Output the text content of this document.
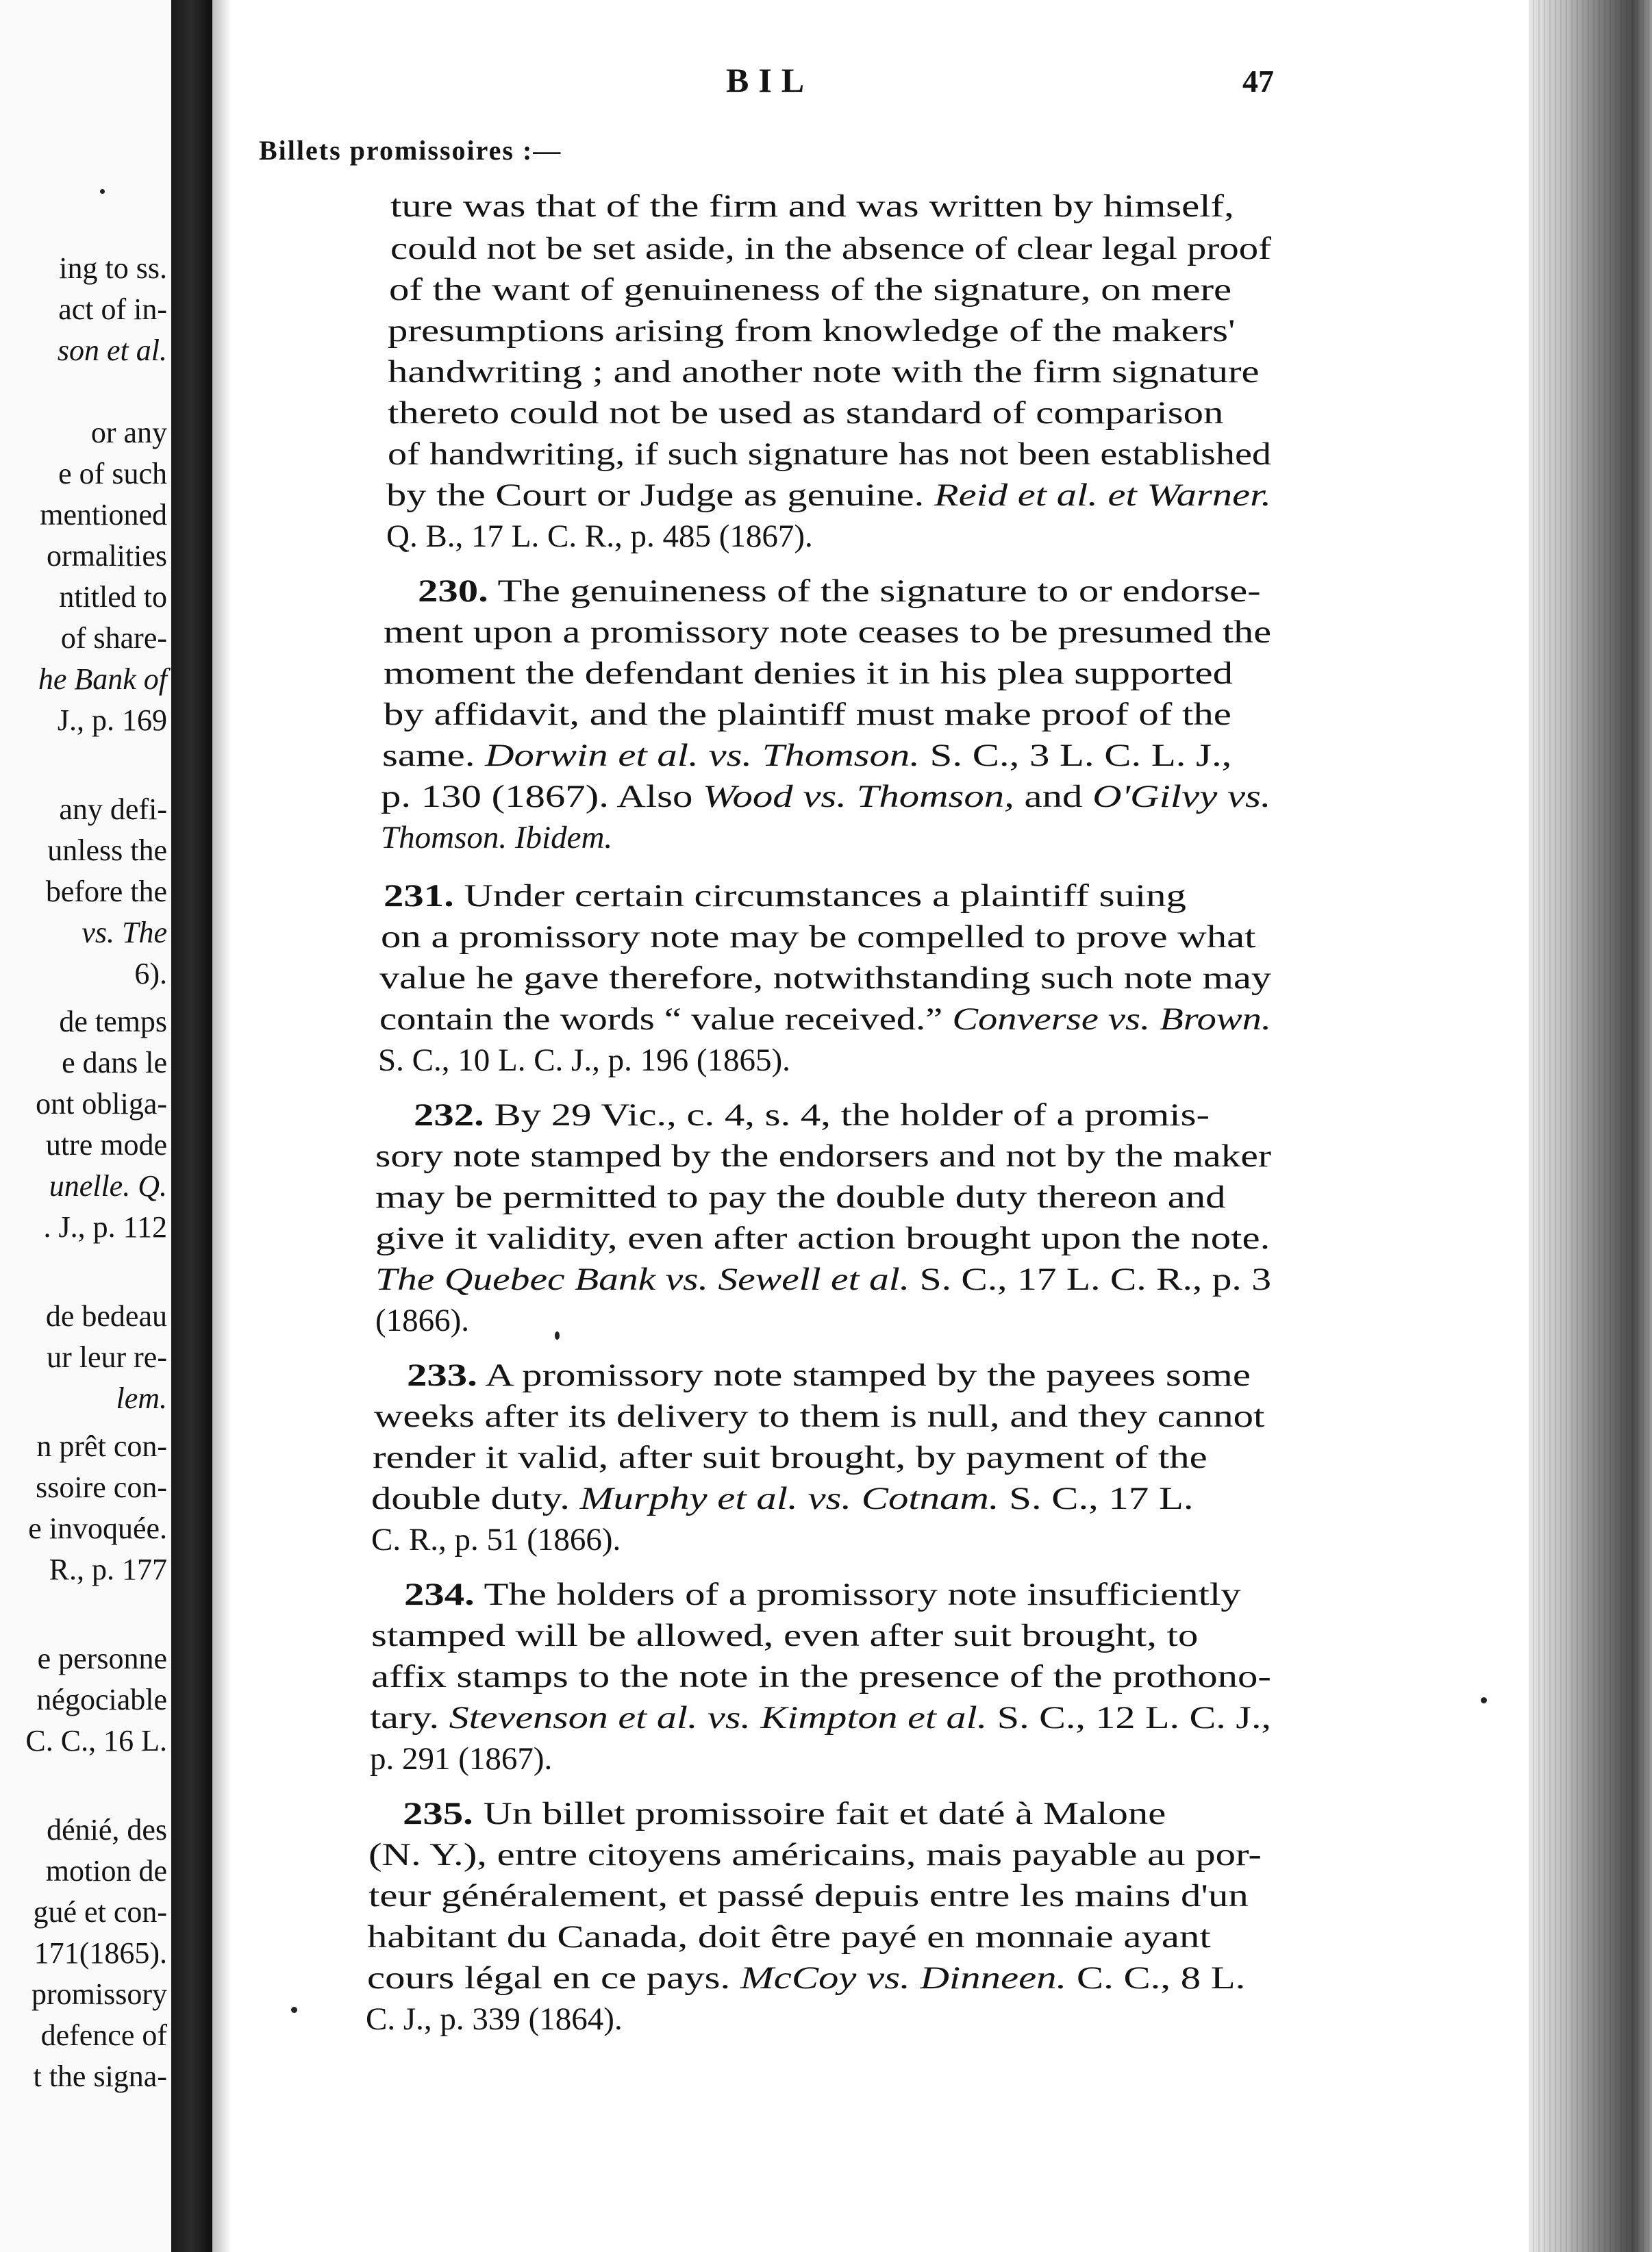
ing to ss.
act of in-
son et al.
or any
e of such
mentioned
ormalities
ntitled to
of share-
he Bank of
J., p. 169
any defi-
unless the
before the
vs. The
6).
de temps
e dans le
ont obliga-
utre mode
unelle. Q.
. J., p. 112
de bedeau
ur leur re-
lem.
n prêt con-
ssoire con-
e invoquée.
R., p. 177
e personne
négociable
C. C., 16 L.
dénié, des
motion de
gué et con-
171(1865).
promissory
defence of
t the signa-
BIL	47
Billets promissoires :—
ture was that of the firm and was written by himself,
could not be set aside, in the absence of clear legal proof
of the want of genuineness of the signature, on mere
presumptions arising from knowledge of the makers'
handwriting ; and another note with the firm signature
thereto could not be used as standard of comparison
of handwriting, if such signature has not been established
by the Court or Judge as genuine. Reid et al. et Warner.
Q. B., 17 L. C. R., p. 485 (1867).
230. The genuineness of the signature to or endorse-
ment upon a promissory note ceases to be presumed the
moment the defendant denies it in his plea supported
by affidavit, and the plaintiff must make proof of the
same. Dorwin et al. vs. Thomson. S. C., 3 L. C. L. J.,
p. 130 (1867). Also Wood vs. Thomson, and O'Gilvy vs.
Thomson. Ibidem.
231. Under certain circumstances a plaintiff suing
on a promissory note may be compelled to prove what
value he gave therefore, notwithstanding such note may
contain the words “ value received.” Converse vs. Brown.
S. C., 10 L. C. J., p. 196 (1865).
232. By 29 Vic., c. 4, s. 4, the holder of a promis-
sory note stamped by the endorsers and not by the maker
may be permitted to pay the double duty thereon and
give it validity, even after action brought upon the note.
The Quebec Bank vs. Sewell et al. S. C., 17 L. C. R., p. 3
(1866).
233. A promissory note stamped by the payees some
weeks after its delivery to them is null, and they cannot
render it valid, after suit brought, by payment of the
double duty. Murphy et al. vs. Cotnam. S. C., 17 L.
C. R., p. 51 (1866).
234. The holders of a promissory note insufficiently
stamped will be allowed, even after suit brought, to
affix stamps to the note in the presence of the prothono-
tary. Stevenson et al. vs. Kimpton et al. S. C., 12 L. C. J.,
p. 291 (1867).
235. Un billet promissoire fait et daté à Malone
(N. Y.), entre citoyens américains, mais payable au por-
teur généralement, et passé depuis entre les mains d'un
habitant du Canada, doit être payé en monnaie ayant
cours légal en ce pays. McCoy vs. Dinneen. C. C., 8 L.
C. J., p. 339 (1864).
